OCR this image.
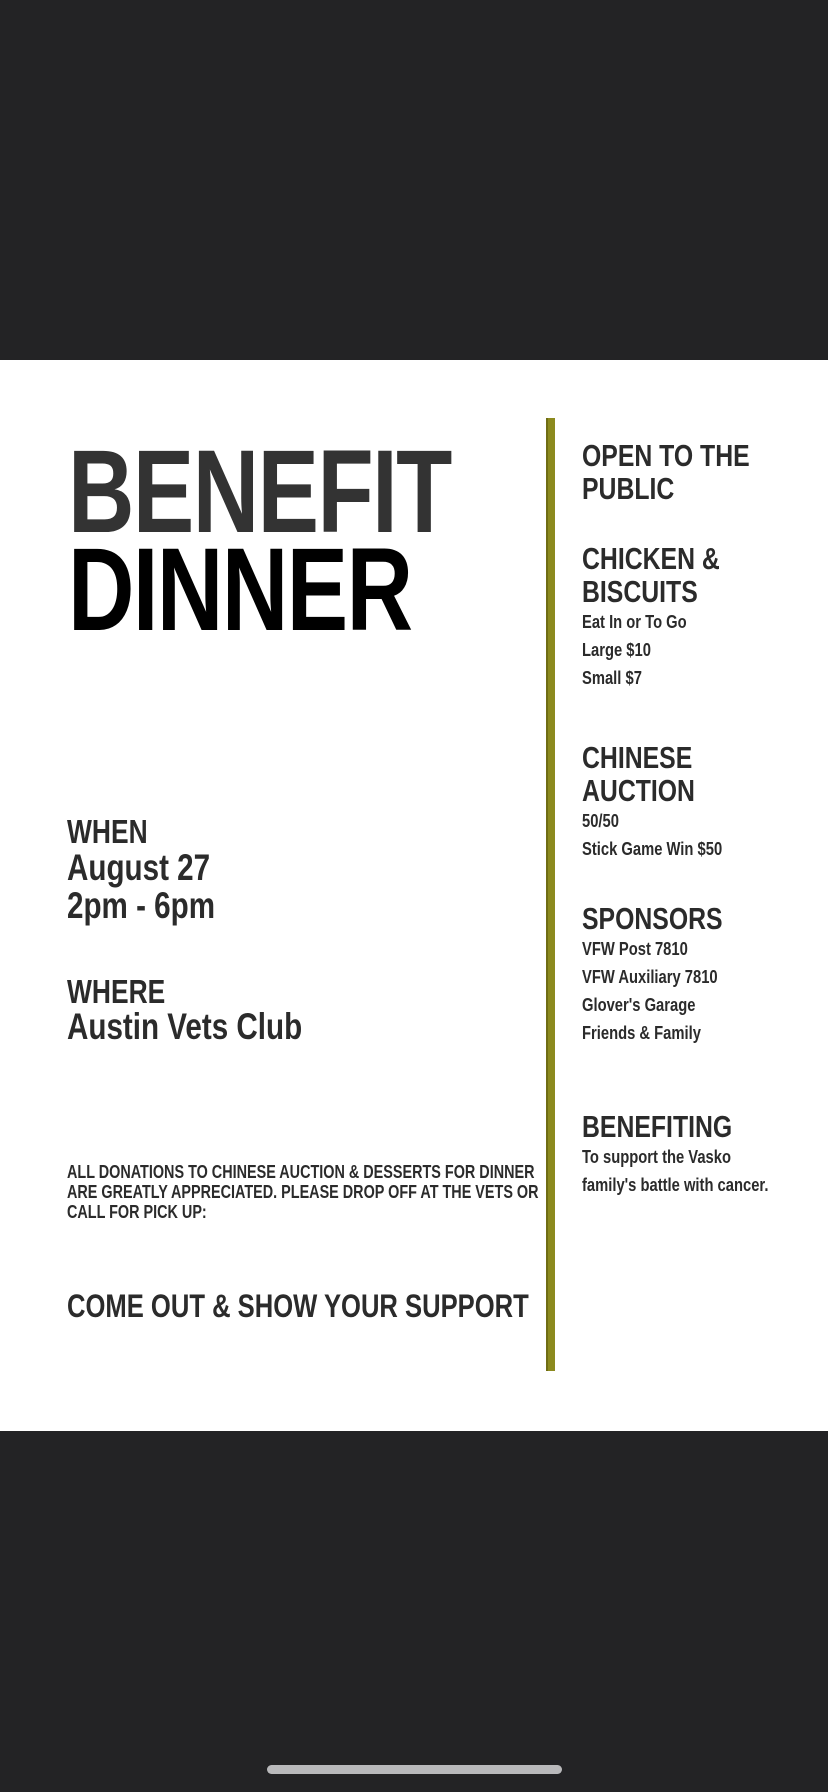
BENEFIT
DINNER

WHEN

August 27

2pm - 6pm

WHERE

Austin Vets Club

ALL DONATIONS TO CHINESE AUCTION & DESSERTS FOR DINNER
ARE GREATLY APPRECIATED. PLEASE DROP OFF AT THE VETS OR
CALL FOR PICK UP:

COME OUT & SHOW YOUR SUPPORT

OPEN TO THE

PUBLIC

CHICKEN &

BISCUITS

Eat In or To Go

Large $10

Small $7

CHINESE

AUCTION

50/50

Stick Game Win $50

SPONSORS

VFW Post 7810

VFW Auxiliary 7810

Glover's Garage

Friends & Family

BENEFITING

To support the Vasko

family's battle with cancer.
